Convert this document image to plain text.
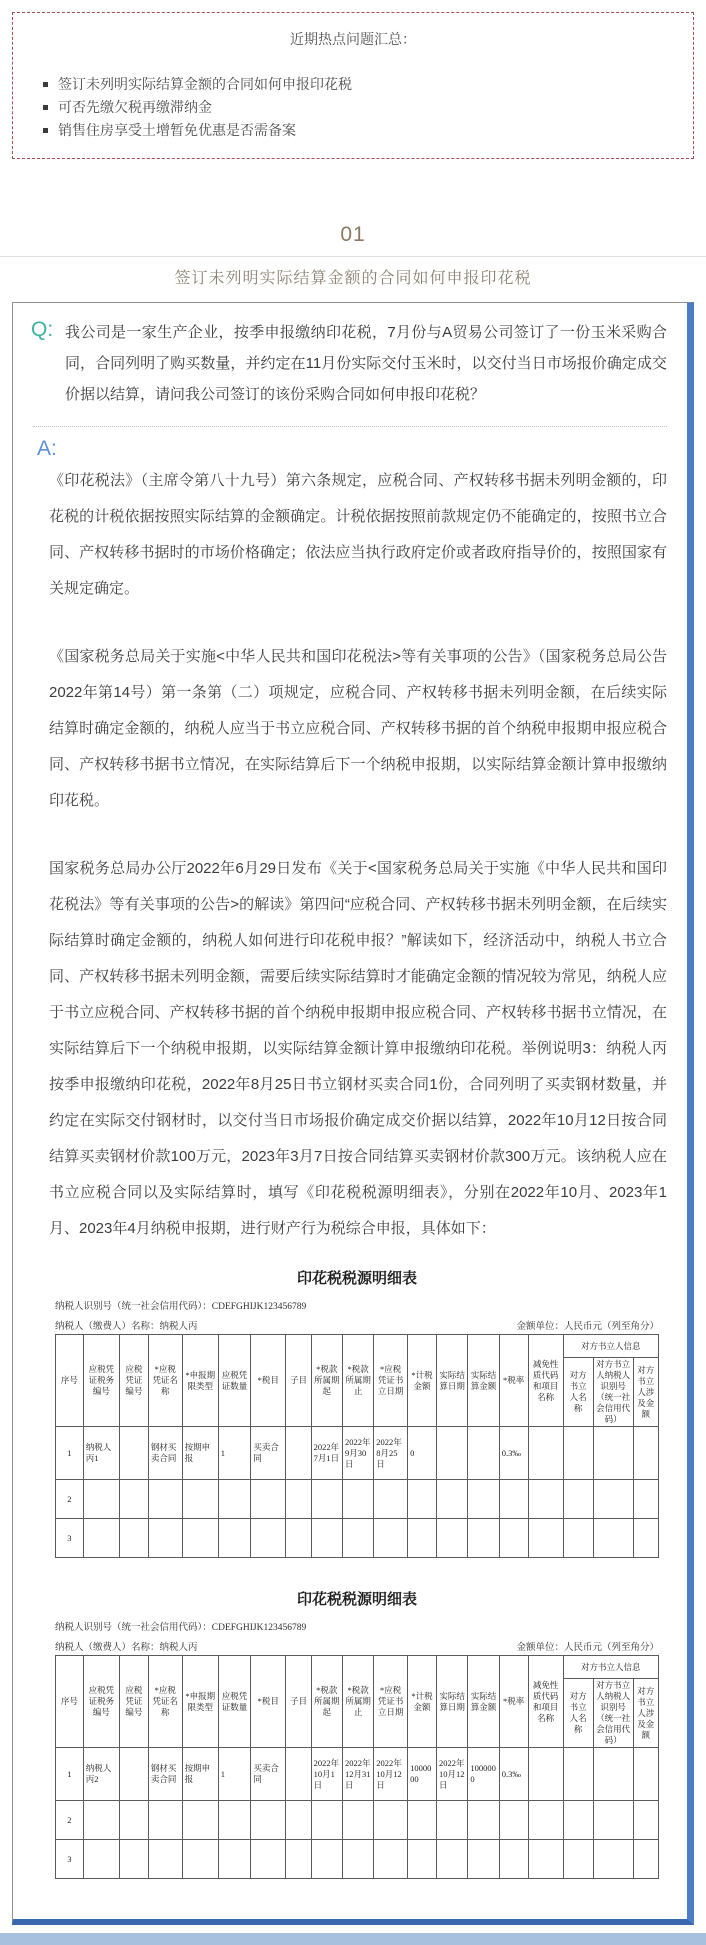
近期热点问题汇总：
签订未列明实际结算金额的合同如何申报印花税
可否先缴欠税再缴滞纳金
销售住房享受土增暂免优惠是否需备案
01
签订未列明实际结算金额的合同如何申报印花税
Q: 我公司是一家生产企业，按季申报缴纳印花税，7月份与A贸易公司签订了一份玉米采购合同，合同列明了购买数量，并约定在11月份实际交付玉米时，以交付当日市场报价确定成交价据以结算，请问我公司签订的该份采购合同如何申报印花税？
A:

《印花税法》（主席令第八十九号）第六条规定，应税合同、产权转移书据未列明金额的，印花税的计税依据按照实际结算的金额确定。计税依据按照前款规定仍不能确定的，按照书立合同、产权转移书据时的市场价格确定；依法应当执行政府定价或者政府指导价的，按照国家有关规定确定。

《国家税务总局关于实施<中华人民共和国印花税法>等有关事项的公告》（国家税务总局公告2022年第14号）第一条第（二）项规定，应税合同、产权转移书据未列明金额，在后续实际结算时确定金额的，纳税人应当于书立应税合同、产权转移书据的首个纳税申报期申报应税合同、产权转移书据书立情况，在实际结算后下一个纳税申报期，以实际结算金额计算申报缴纳印花税。

国家税务总局办公厅2022年6月29日发布《关于<国家税务总局关于实施《中华人民共和国印花税法》等有关事项的公告>的解读》第四问“应税合同、产权转移书据未列明金额，在后续实际结算时确定金额的，纳税人如何进行印花税申报？”解读如下，经济活动中，纳税人书立合同、产权转移书据未列明金额，需要后续实际结算时才能确定金额的情况较为常见，纳税人应于书立应税合同、产权转移书据的首个纳税申报期申报应税合同、产权转移书据书立情况，在实际结算后下一个纳税申报期，以实际结算金额计算申报缴纳印花税。举例说明3：纳税人丙按季申报缴纳印花税，2022年8月25日书立钢材买卖合同1份，合同列明了买卖钢材数量，并约定在实际交付钢材时，以交付当日市场报价确定成交价据以结算，2022年10月12日按合同结算买卖钢材价款100万元，2023年3月7日按合同结算买卖钢材价款300万元。该纳税人应在书立应税合同以及实际结算时，填写《印花税税源明细表》，分别在2022年10月、2023年1月、2023年4月纳税申报期，进行财产行为税综合申报，具体如下：

印花税税源明细表
纳税人识别号（统一社会信用代码）：CDEFGHIJK123456789
纳税人（缴费人）名称：纳税人丙	金额单位：人民币元（列至角分）
序号	应税凭证税务编号	应税凭证编号	*应税凭证名称	*申报期限类型	应税凭证数量	*税目	子目	*税款所属期起	*税款所属期止	*应税凭证书立日期	*计税金额	实际结算日期	实际结算金额	*税率	减免性质代码和项目名称	对方书立人信息		
																对方书立人名称	对方书立人纳税人识别号（统一社会信用代码）	对方书立人涉及金额
1	纳税人丙1		钢材买卖合同	按期申报	1	买卖合同		2022年7月1日	2022年9月30日	2022年8月25日	0			0.3‰				
2																		
3																		
印花税税源明细表
纳税人识别号（统一社会信用代码）：CDEFGHIJK123456789
纳税人（缴费人）名称：纳税人丙	金额单位：人民币元（列至角分）
序号	应税凭证税务编号	应税凭证编号	*应税凭证名称	*申报期限类型	应税凭证数量	*税目	子目	*税款所属期起	*税款所属期止	*应税凭证书立日期	*计税金额	实际结算日期	实际结算金额	*税率	减免性质代码和项目名称	对方书立人信息		
																对方书立人名称	对方书立人纳税人识别号（统一社会信用代码）	对方书立人涉及金额
1	纳税人丙2		钢材买卖合同	按期申报	1	买卖合同		2022年10月1日	2022年12月31日	2022年10月12日	1000000	2022年10月12日	1000000	0.3‰				
2																		
3																		
